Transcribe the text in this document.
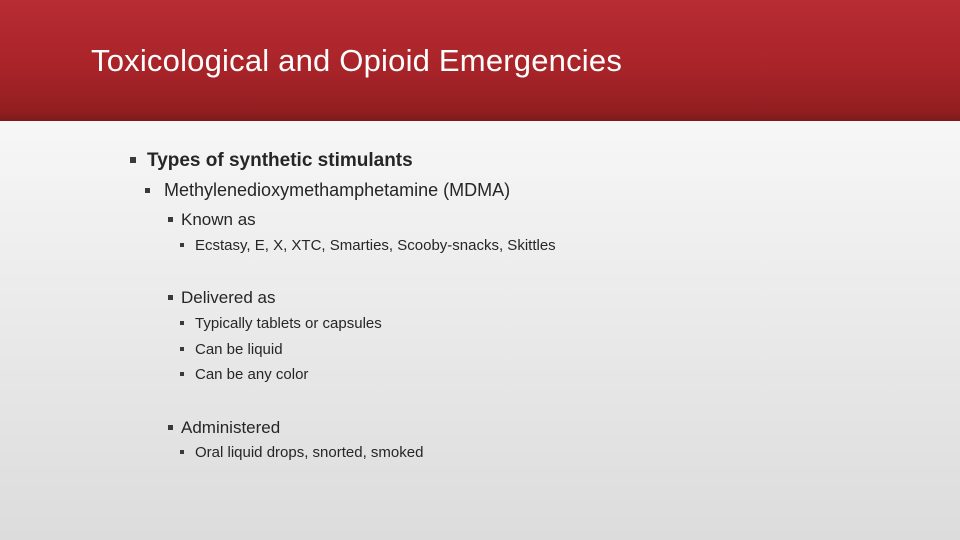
Toxicological and Opioid Emergencies
Types of synthetic stimulants
Methylenedioxymethamphetamine (MDMA)
Known as
Ecstasy, E, X, XTC, Smarties, Scooby-snacks, Skittles
Delivered as
Typically tablets or capsules
Can be liquid
Can be any color
Administered
Oral liquid drops, snorted, smoked
